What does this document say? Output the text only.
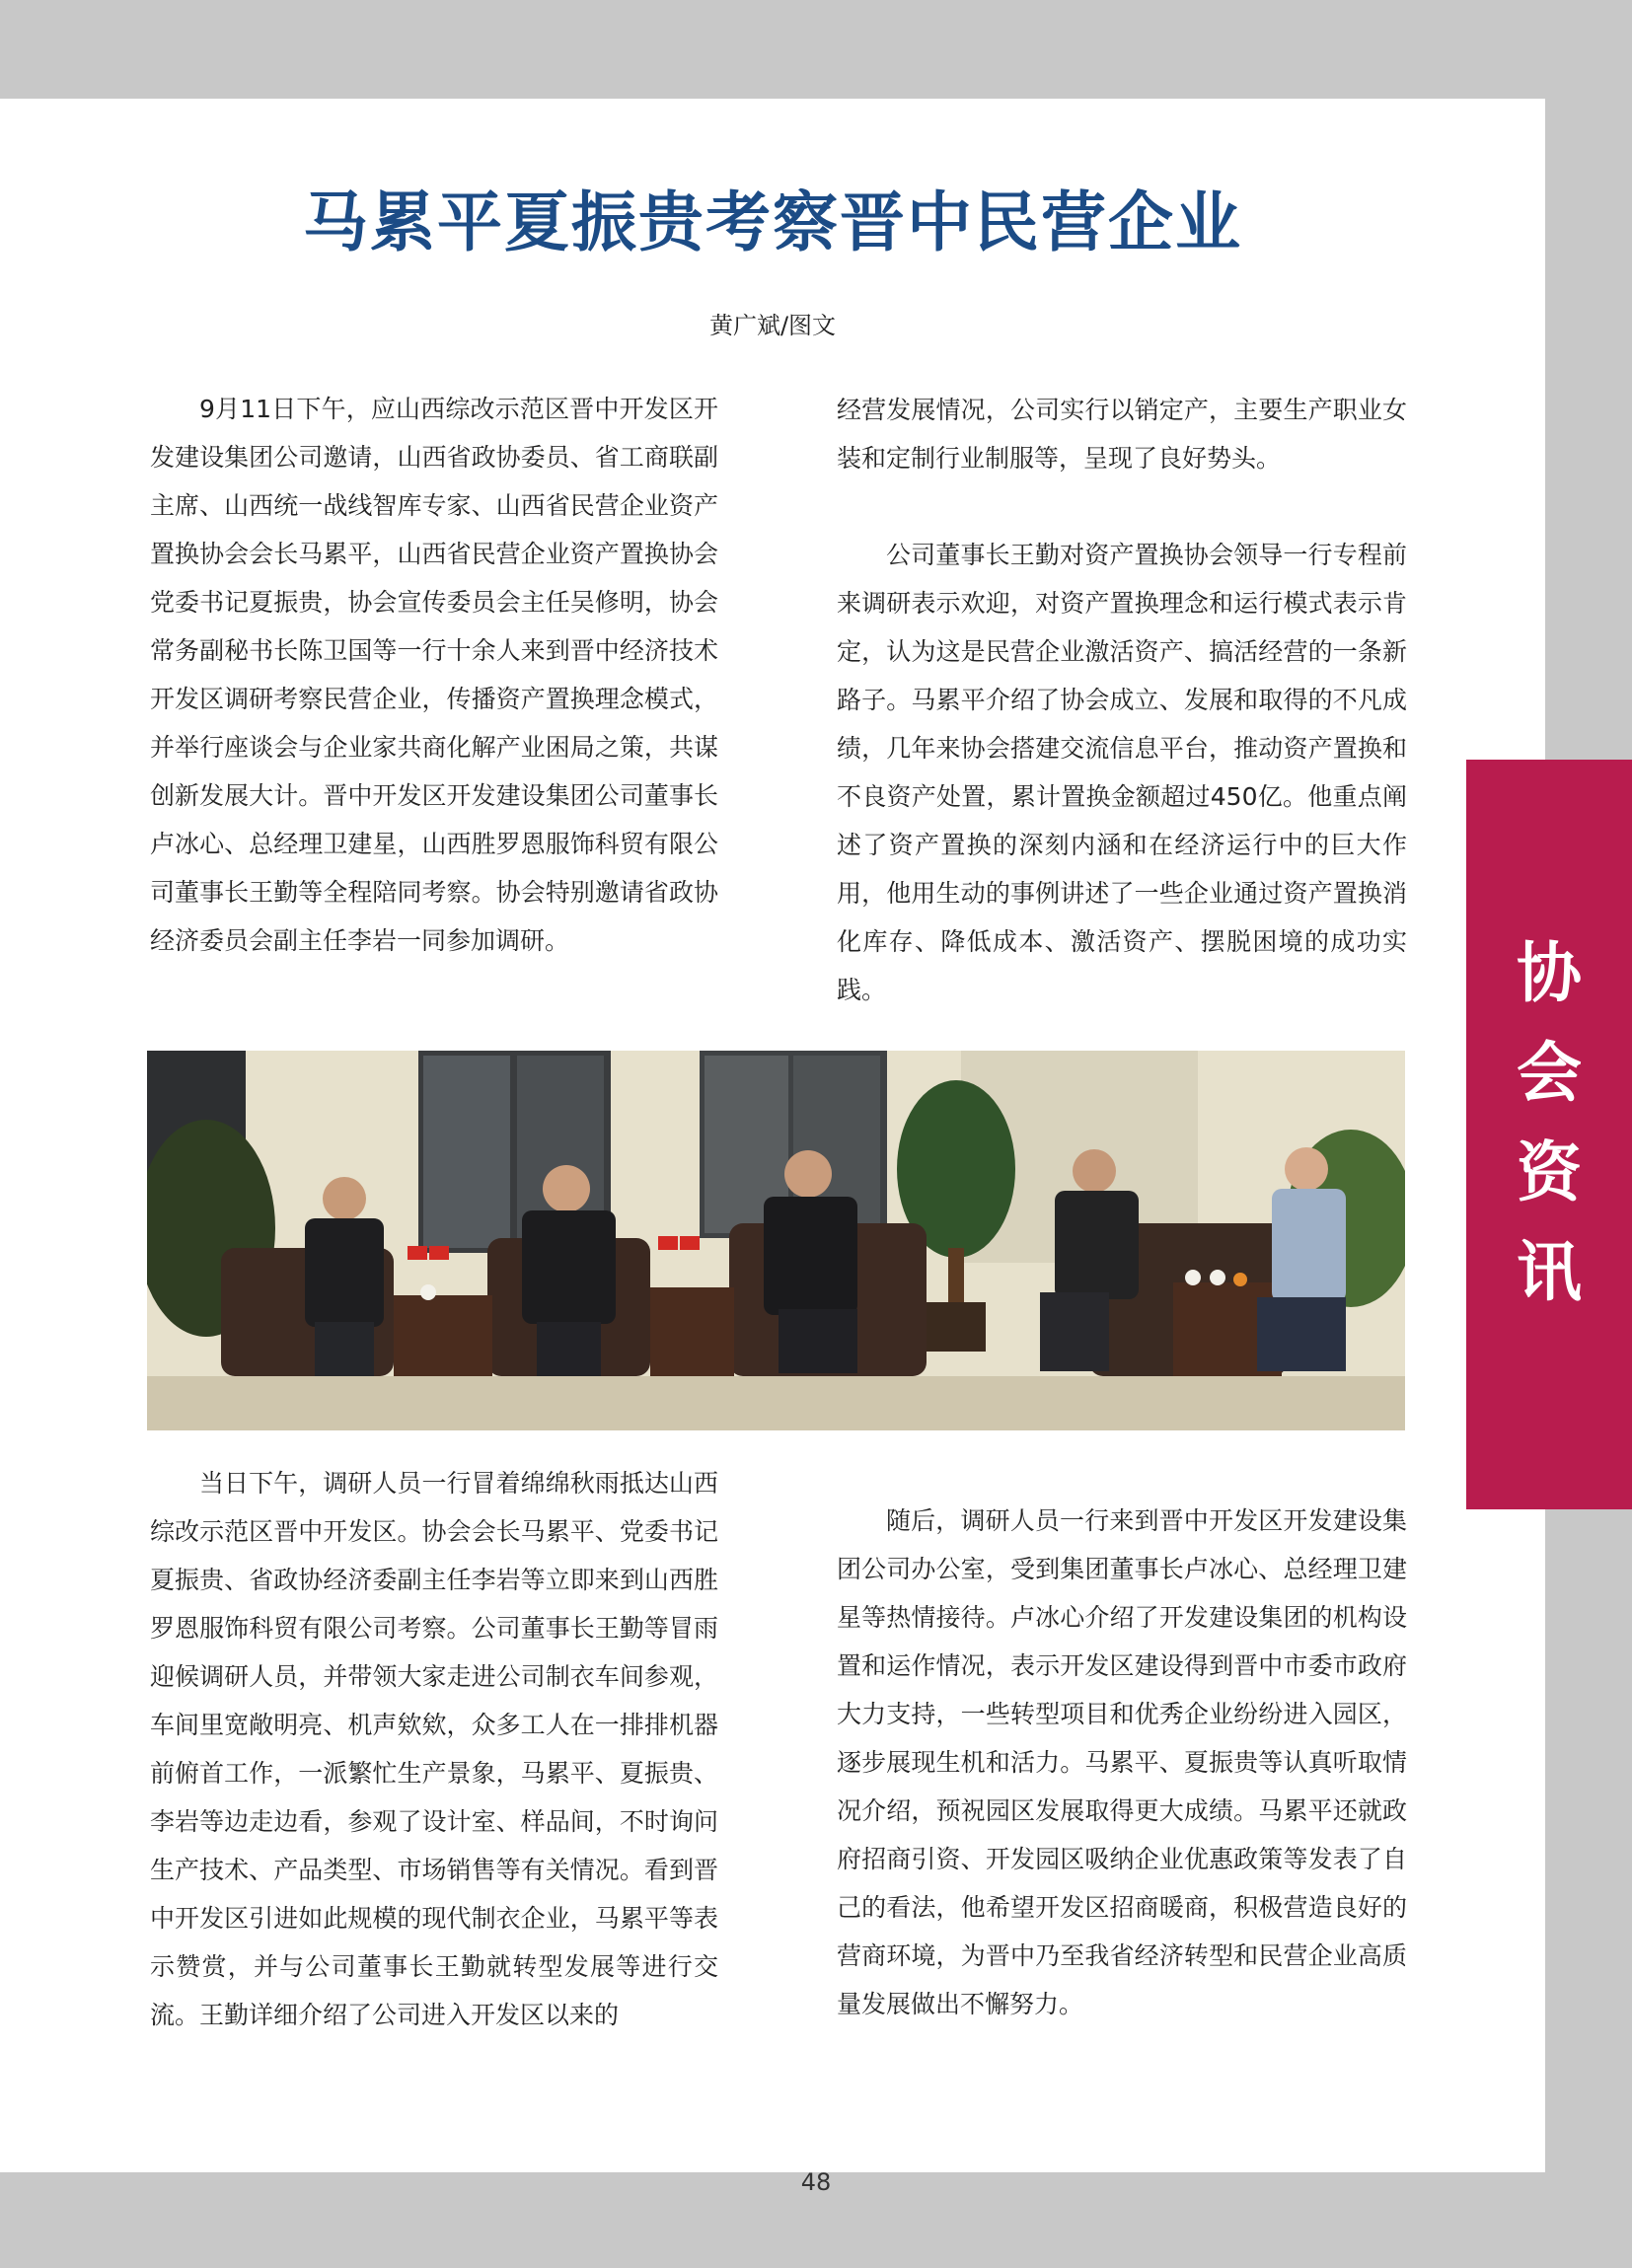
马累平夏振贵考察晋中民营企业
黄广斌/图文

9月11日下午，应山西综改示范区晋中开发区开发建设集团公司邀请，山西省政协委员、省工商联副主席、山西统一战线智库专家、山西省民营企业资产置换协会会长马累平，山西省民营企业资产置换协会党委书记夏振贵，协会宣传委员会主任吴修明，协会常务副秘书长陈卫国等一行十余人来到晋中经济技术开发区调研考察民营企业，传播资产置换理念模式，并举行座谈会与企业家共商化解产业困局之策，共谋创新发展大计。晋中开发区开发建设集团公司董事长卢冰心、总经理卫建星，山西胜罗恩服饰科贸有限公司董事长王勤等全程陪同考察。协会特别邀请省政协经济委员会副主任李岩一同参加调研。

经营发展情况，公司实行以销定产，主要生产职业女装和定制行业制服等，呈现了良好势头。

公司董事长王勤对资产置换协会领导一行专程前来调研表示欢迎，对资产置换理念和运行模式表示肯定，认为这是民营企业激活资产、搞活经营的一条新路子。马累平介绍了协会成立、发展和取得的不凡成绩，几年来协会搭建交流信息平台，推动资产置换和不良资产处置，累计置换金额超过450亿。他重点阐述了资产置换的深刻内涵和在经济运行中的巨大作用，他用生动的事例讲述了一些企业通过资产置换消化库存、降低成本、激活资产、摆脱困境的成功实践。

当日下午，调研人员一行冒着绵绵秋雨抵达山西综改示范区晋中开发区。协会会长马累平、党委书记夏振贵、省政协经济委副主任李岩等立即来到山西胜罗恩服饰科贸有限公司考察。公司董事长王勤等冒雨迎候调研人员，并带领大家走进公司制衣车间参观，车间里宽敞明亮、机声欸欸，众多工人在一排排机器前俯首工作，一派繁忙生产景象，马累平、夏振贵、李岩等边走边看，参观了设计室、样品间，不时询问生产技术、产品类型、市场销售等有关情况。看到晋中开发区引进如此规模的现代制衣企业，马累平等表示赞赏，并与公司董事长王勤就转型发展等进行交流。王勤详细介绍了公司进入开发区以来的

随后，调研人员一行来到晋中开发区开发建设集团公司办公室，受到集团董事长卢冰心、总经理卫建星等热情接待。卢冰心介绍了开发建设集团的机构设置和运作情况，表示开发区建设得到晋中市委市政府大力支持，一些转型项目和优秀企业纷纷进入园区，逐步展现生机和活力。马累平、夏振贵等认真听取情况介绍，预祝园区发展取得更大成绩。马累平还就政府招商引资、开发园区吸纳企业优惠政策等发表了自己的看法，他希望开发区招商暖商，积极营造良好的营商环境，为晋中乃至我省经济转型和民营企业高质量发展做出不懈努力。

协
会
资
讯
48
